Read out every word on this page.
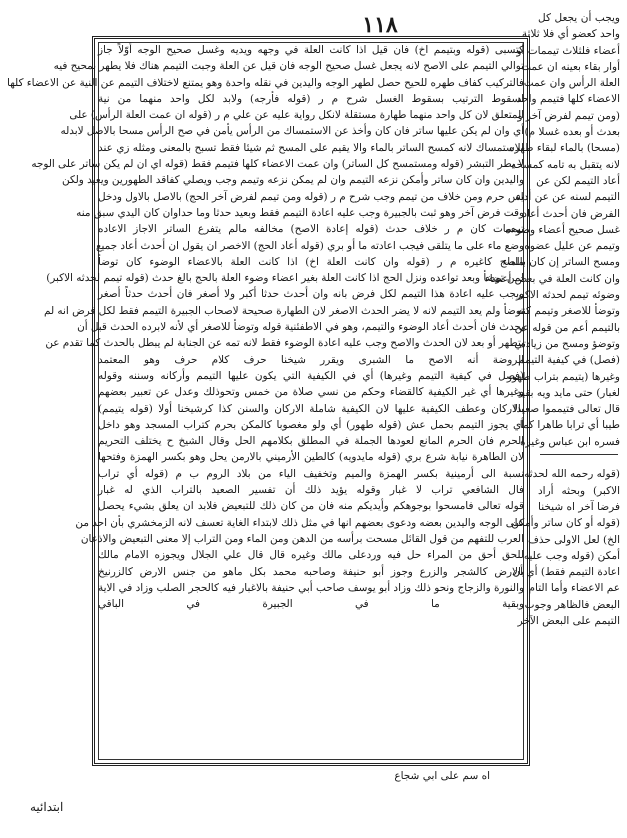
١١٨
كتسبى (قوله وبتيمم اخ) فان قيل اذا كانت العلة في وجهه ويديه وغسل صحيح الوجه أوّلاً جاز
توالي التيمم على الاصح لانه يجعل غسل صحيح الوجه فان قيل عن العلة وجبت التيمم هناك فلا يطهر بمحيح فيه
فالتركيب كفاف طهره للحيح حصل لطهر الوجه واليدين في نقله واحدة وهو يمتنع لاختلاف التيمم عن النية عن الاعضاء كلها
لسقوط الترتيب بسقوط الغسل شرح م ر (قوله فأرجه) ولابد لكل واحد منهما من نية
المتعلق لان كل واحد منهما طهارة مستقلة لانكل رواية عليه عن علي م ر (قوله ان عمت العلة الرأس) على
أي وان لم يكن عليها ساتر فان كان وأخذ عن الاستمساك من الرأس يأمن في صح الرأس مسحا بالاصل لابدله
للاستمساك لانه كمسح الساتر بالماء والا يقيم على المسح ثم شيئا فقط تسبح بالمعنى ومثله زي عند
لا يطر التبشر (قوله ومستمسح كل الساتر) وان عمت الاعضاء كلها فتيمم فقط (قوله اي ان لم يكن ساتر على الوجه
واليدين وان كان ساتر وأمكن نزعه التيمم وان لم يمكن نزعه وتيمم وجب ويصلي كفاقد الطهورين ويعيد ولكن
يس حرم ومن خلاف من تيمم وجب شرح م ر (قوله ومن تيمم لفرض آخر الحج) بالاصل بالاول ودخل
وقت فرض آخر وهو ثبت بالجبيرة وجب عليه اعادة التيمم فقط وبعيد حدثا وما حداوان كان اليدي سبق منه
تيممات كان م ر خلاف حدث (قوله إعادة الاصح) مخالفه مالم يتفرع الساتر الاجاز الاعاده
وضع ماء على ما يتلقى فيجب اعادته ما أو بري (قوله أعاد الحج) الاخصر ان يقول ان أحدث أعاد جميع
ماصح كاغيره م ر (قوله وان كانت العلة اخ) اذا كانت العلة بالاعضاء الوضوء كان توضأ
لمن توضأ وبعد تواعده ونزل الحج اذا كانت العلة بغير اعضاء وضوء العلة بالحج بالغ حدث (قوله تيمم لحدثه الاكبر)
ويجب عليه اعادة هذا التيمم لكل فرض بانه وان أحدث حدثا أكبر ولا أصغر فان أحدث حدثاً أصغر
توضأ ولم يعد التيمم لانه لا يضر الحدث الاصغر لان الطهارة صحيحة لاصحاب الجبيرة التيمم فقط لكل فرض انه لم
يحدث فان أحدث أعاد الوضوء والتيمم، وهو في الاطفئنية قوله وتوضأ للاصغر أي لأنه لابرده الحدث قبل أن
يتطهر أو بعد لان الحدث والاصح وجب عليه اعادة الوضوء فقط لانه تمه عن الجنابة لم يبطل بالحدث كما تقدم عن
الروضة أنه الاصح ما الشبرى ويقرر شيخنا حرف كلام حرف وهو المعتمد
(فصل في كيفية التيمم وغيرها) أي في الكيفية التي يكون عليها التيمم وأركانه وسننه وقوله
وغيرها أي غير الكيفية كالقضاء وحكم من نسي صلاة من خمس وتحوذلك وعدل عن تعبير بعضهم
بالاركان وعطف الكيفية عليها لان الكيفية شاملة الاركان والسنن كذا كرشيخنا أولا (قوله يتيمم)
أي يجوز التيمم بحمل عش (قوله طهور) أي ولو مغصوبا كالمكن بحرم كتراب المسجد وهو داخل
الحرم فان الحرم المانع لعودها الجملة في المطلق بكلامهم الحل وقال الشيخ ح يختلف التحريم
لان الطاهرة نيابة شرع بري (قوله مايدويه) كالطين الأرميني بالارمن يحل وهو بكسر الهمزة وفتحها
نسبة الى أرمينية بكسر الهمزة والميم وتخفيف الياء من بلاد الروم ب م (قوله أي تراب
فال الشافعي تراب لا غبار وقوله يؤيد ذلك أن تفسير الصعيد بالتراب الذي له غبار
قوله تعالى فامسحوا بوجوهكم وأيديكم منه فان من كان ذلك للتبعيض فلابد ان يعلق بشيء يحصل
على الوجه واليدين بعضه ودعوى بعضهم انها في مثل ذلك لابتداء الغاية تعسف لانه الزمخشري بأن احد من
العرب للتفهم من قول القائل مسحت برأسه من الدهن ومن الماء ومن التراب إلا معنى التبعيض والاذعان
للحق أحق من المراء حل فيه وردعلى مالك وغيره قال قال علي الجلال ويجوزه الامام مالك
بالارض كالشجر والزرع وجوز أبو حنيفة وصاحبه محمد بكل ماهو من جنس الارض كالزرنيخ
والنورة والزجاج ونحو ذلك وزاد أبو يوسف صاحب أبي حنيفة بالاغبار فيه كالحجر الصلب وزاد في الاية
وبقية ما في الجبيرة في الباقي
ويجب أن يجعل كل
واحد كعضو أي فلا ثلاثة
أعضاء فلثلاث تيممات أو
أوار بقاء بعينه ان عمت
العلة الرأس وان عمت
الاعضاء كلها فتيمم واحد
(ومن تيمم لفرض آخر و
بعدث أو بعده غسلا م)
(مسحا) بالماء لبقاء طهره
لانه يتقبل به تامه كمسحه
أعاد التيمم لكن عن
التيمم لسنه عن عن أداء
الفرض فان أحدث أعاد
غسل صحيح أعضاء وضوءه
وتيمم عن عليل عضوه
ومسح الساتر إن كان بالماء
وان كانت العلة في بعض أعضاء
وضوئه تيمم لحدثه الاكبر
وتوضأ للاصغر وتيمم كنه
بالتيمم أعم من قوله عن
وتوضؤ ومسح من زيادتي
(فصل) في كيفية التيمم
وغيرها (يتيمم بتراب طهور
لغبار) حتى مايد ويه بقيد
قال تعالى فتيمموا صعيدا
طيبا أي ترابا طاهرا كما
فسره ابن عباس وغيره
(قوله رحمه الله لحدثه
الاكبر) وبحثه أراد
فرضا آخر اه شيخنا
(قوله أو كان ساتر وأمكن
الخ) لعل الاولى حذف
أمكن (قوله وجب عليه
اعادة التيمم فقط) أي أن
عم الاعضاء وأما التام
البعض فالظاهر وجوب
التيمم على البعض الآخر
اه سم على ابي شجاع
ابتدائيه
